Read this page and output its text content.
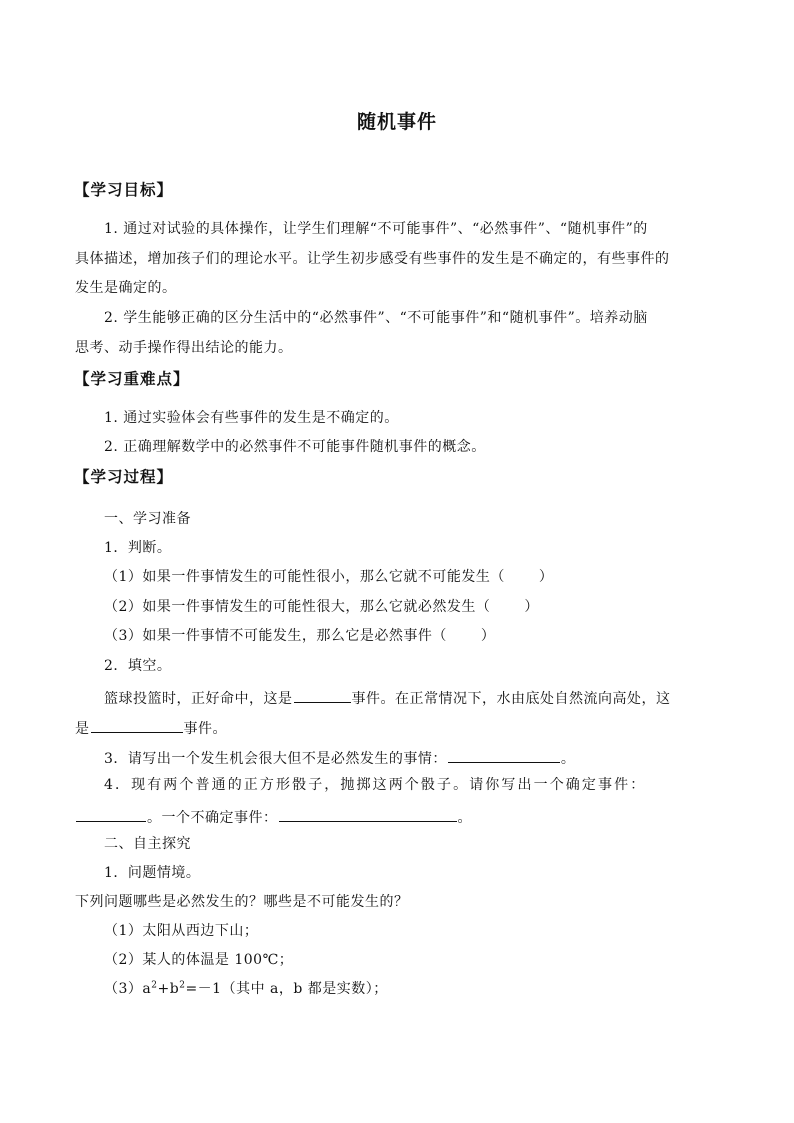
随机事件
【学习目标】
1. 通过对试验的具体操作，让学生们理解“不可能事件”、“必然事件”、“随机事件”的
具体描述，增加孩子们的理论水平。让学生初步感受有些事件的发生是不确定的，有些事件的
发生是确定的。
2. 学生能够正确的区分生活中的“必然事件”、“不可能事件”和“随机事件”。培养动脑
思考、动手操作得出结论的能力。
【学习重难点】
1. 通过实验体会有些事件的发生是不确定的。
2. 正确理解数学中的必然事件不可能事件随机事件的概念。
【学习过程】
一、学习准备
1．判断。
（1）如果一件事情发生的可能性很小，那么它就不可能发生（ ）
（2）如果一件事情发生的可能性很大，那么它就必然发生（ ）
（3）如果一件事情不可能发生，那么它是必然事件（ ）
2．填空。
篮球投篮时，正好命中，这是	事件。在正常情况下，水由底处自然流向高处，这
是	事件。
3．请写出一个发生机会很大但不是必然发生的事情：	。
4．现有两个普通的正方形骰子，抛掷这两个骰子。请你写出一个确定事件：
。一个不确定事件：	。
二、自主探究
1．问题情境。
下列问题哪些是必然发生的？哪些是不可能发生的？
（1）太阳从西边下山；
（2）某人的体温是 100℃；
$(3)a^2+b^2=-1$（其中 a，b 都是实数）；
